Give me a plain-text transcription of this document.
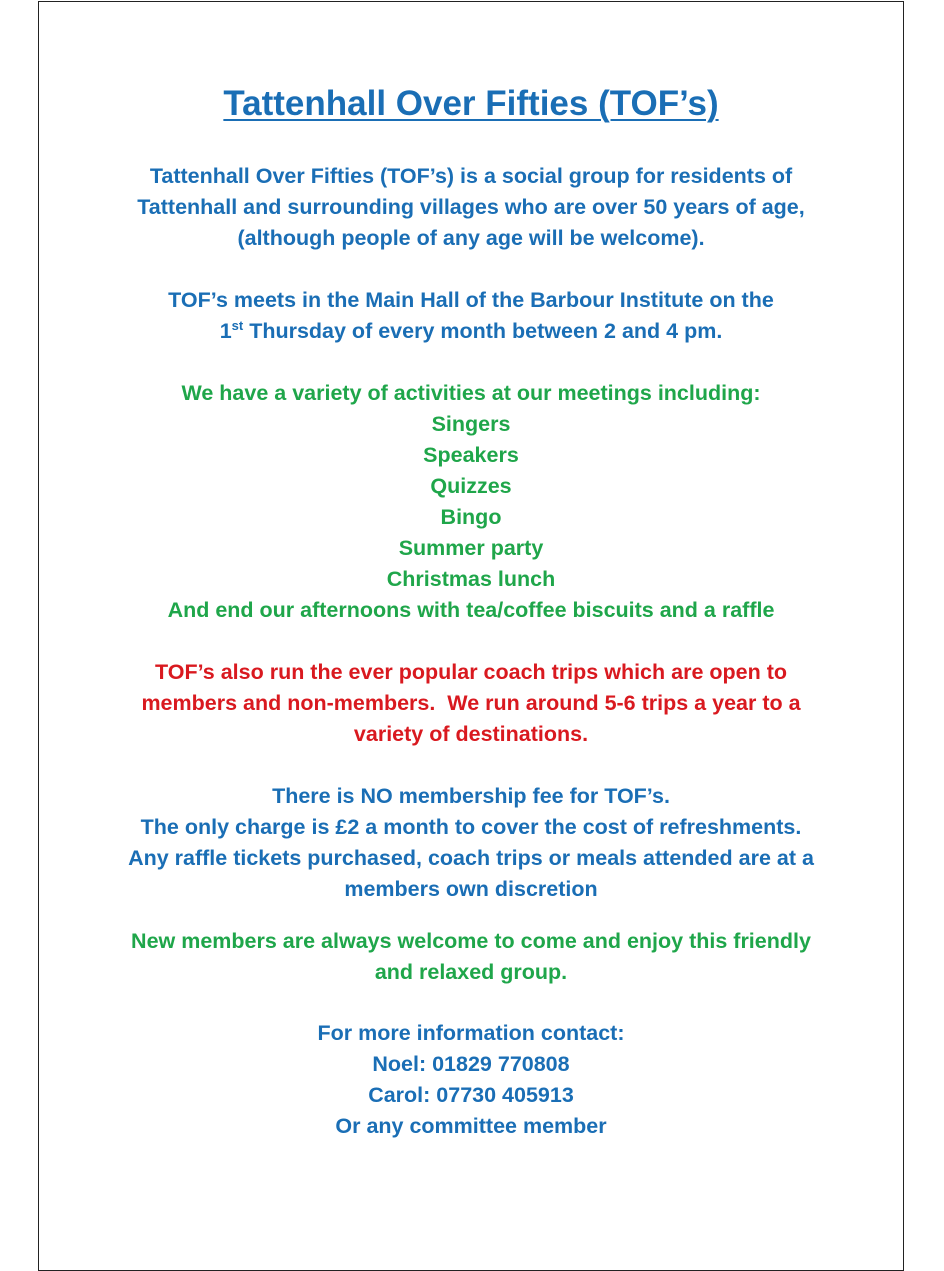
Tattenhall Over Fifties (TOF’s)
Tattenhall Over Fifties (TOF’s) is a social group for residents of
Tattenhall and surrounding villages who are over 50 years of age,
(although people of any age will be welcome).
TOF’s meets in the Main Hall of the Barbour Institute on the
1st Thursday of every month between 2 and 4 pm.
We have a variety of activities at our meetings including:
Singers
Speakers
Quizzes
Bingo
Summer party
Christmas lunch
And end our afternoons with tea/coffee biscuits and a raffle
TOF’s also run the ever popular coach trips which are open to
members and non-members.  We run around 5-6 trips a year to a
variety of destinations.
There is NO membership fee for TOF’s.
The only charge is £2 a month to cover the cost of refreshments.
Any raffle tickets purchased, coach trips or meals attended are at a
members own discretion
New members are always welcome to come and enjoy this friendly
and relaxed group.
For more information contact:
Noel: 01829 770808
Carol: 07730 405913
Or any committee member
